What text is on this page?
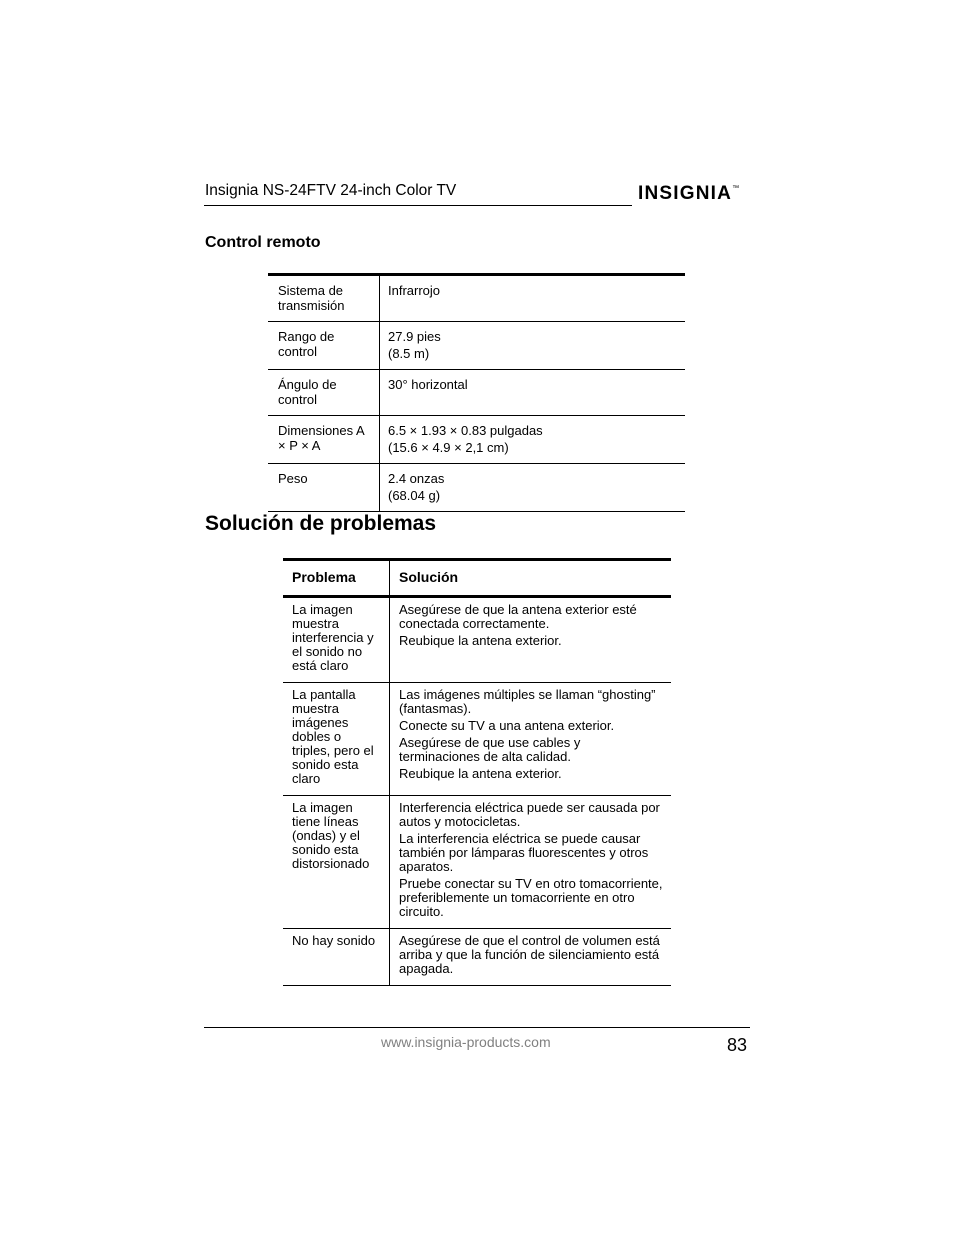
Insignia NS-24FTV 24-inch Color TV	INSIGNIA™
Control remoto
Sistema de transmisión	Infrarrojo

Rango de control	27.9 pies
(8.5 m)

Ángulo de control	30° horizontal

Dimensiones A × P × A	6.5 × 1.93 × 0.83 pulgadas
(15.6 × 4.9 × 2,1 cm)

Peso	2.4 onzas
(68.04 g)
Solución de problemas
Problema	Solución
La imagen muestra interferencia y el sonido no está claro	Asegúrese de que la antena exterior esté conectada correctamente.
Reubique la antena exterior.

La pantalla muestra imágenes dobles o triples, pero el sonido esta claro	Las imágenes múltiples se llaman “ghosting” (fantasmas).
Conecte su TV a una antena exterior.
Asegúrese de que use cables y terminaciones de alta calidad.
Reubique la antena exterior.

La imagen tiene líneas (ondas) y el sonido esta distorsionado	Interferencia eléctrica puede ser causada por autos y motocicletas.
La interferencia eléctrica se puede causar también por lámparas fluorescentes y otros aparatos.
Pruebe conectar su TV en otro tomacorriente, preferiblemente un tomacorriente en otro circuito.

No hay sonido	Asegúrese de que el control de volumen está arriba y que la función de silenciamiento está apagada.
www.insignia-products.com	83
